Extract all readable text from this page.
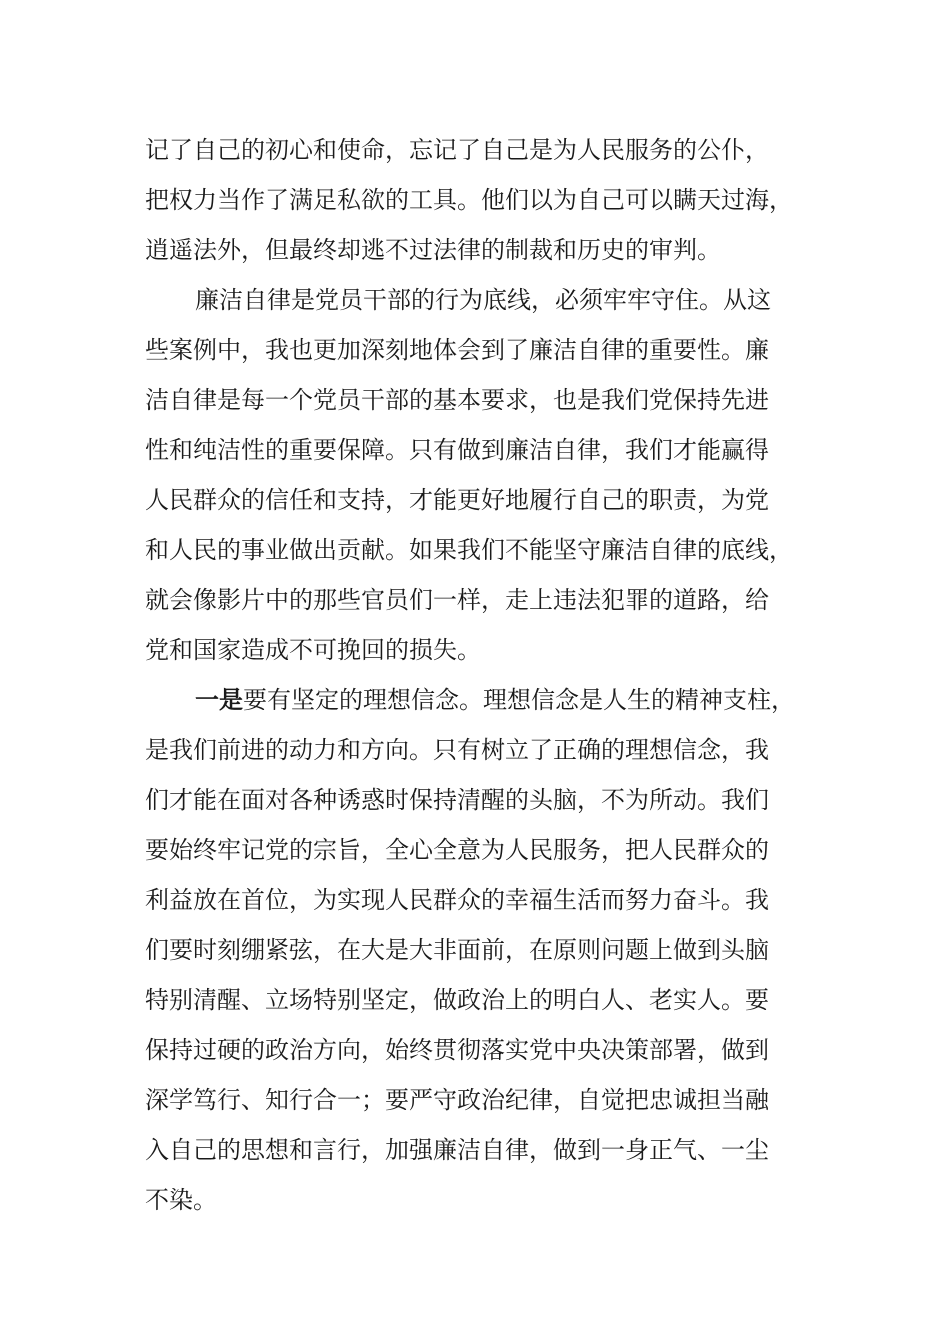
记了自己的初心和使命，忘记了自己是为人民服务的公仆，
把权力当作了满足私欲的工具。他们以为自己可以瞒天过海，
逍遥法外，但最终却逃不过法律的制裁和历史的审判。
廉洁自律是党员干部的行为底线，必须牢牢守住。从这
些案例中，我也更加深刻地体会到了廉洁自律的重要性。廉
洁自律是每一个党员干部的基本要求，也是我们党保持先进
性和纯洁性的重要保障。只有做到廉洁自律，我们才能赢得
人民群众的信任和支持，才能更好地履行自己的职责，为党
和人民的事业做出贡献。如果我们不能坚守廉洁自律的底线，
就会像影片中的那些官员们一样，走上违法犯罪的道路，给
党和国家造成不可挽回的损失。
一是要有坚定的理想信念。理想信念是人生的精神支柱，
是我们前进的动力和方向。只有树立了正确的理想信念，我
们才能在面对各种诱惑时保持清醒的头脑，不为所动。我们
要始终牢记党的宗旨，全心全意为人民服务，把人民群众的
利益放在首位，为实现人民群众的幸福生活而努力奋斗。我
们要时刻绷紧弦，在大是大非面前，在原则问题上做到头脑
特别清醒、立场特别坚定，做政治上的明白人、老实人。要
保持过硬的政治方向，始终贯彻落实党中央决策部署，做到
深学笃行、知行合一；要严守政治纪律，自觉把忠诚担当融
入自己的思想和言行，加强廉洁自律，做到一身正气、一尘
不染。
